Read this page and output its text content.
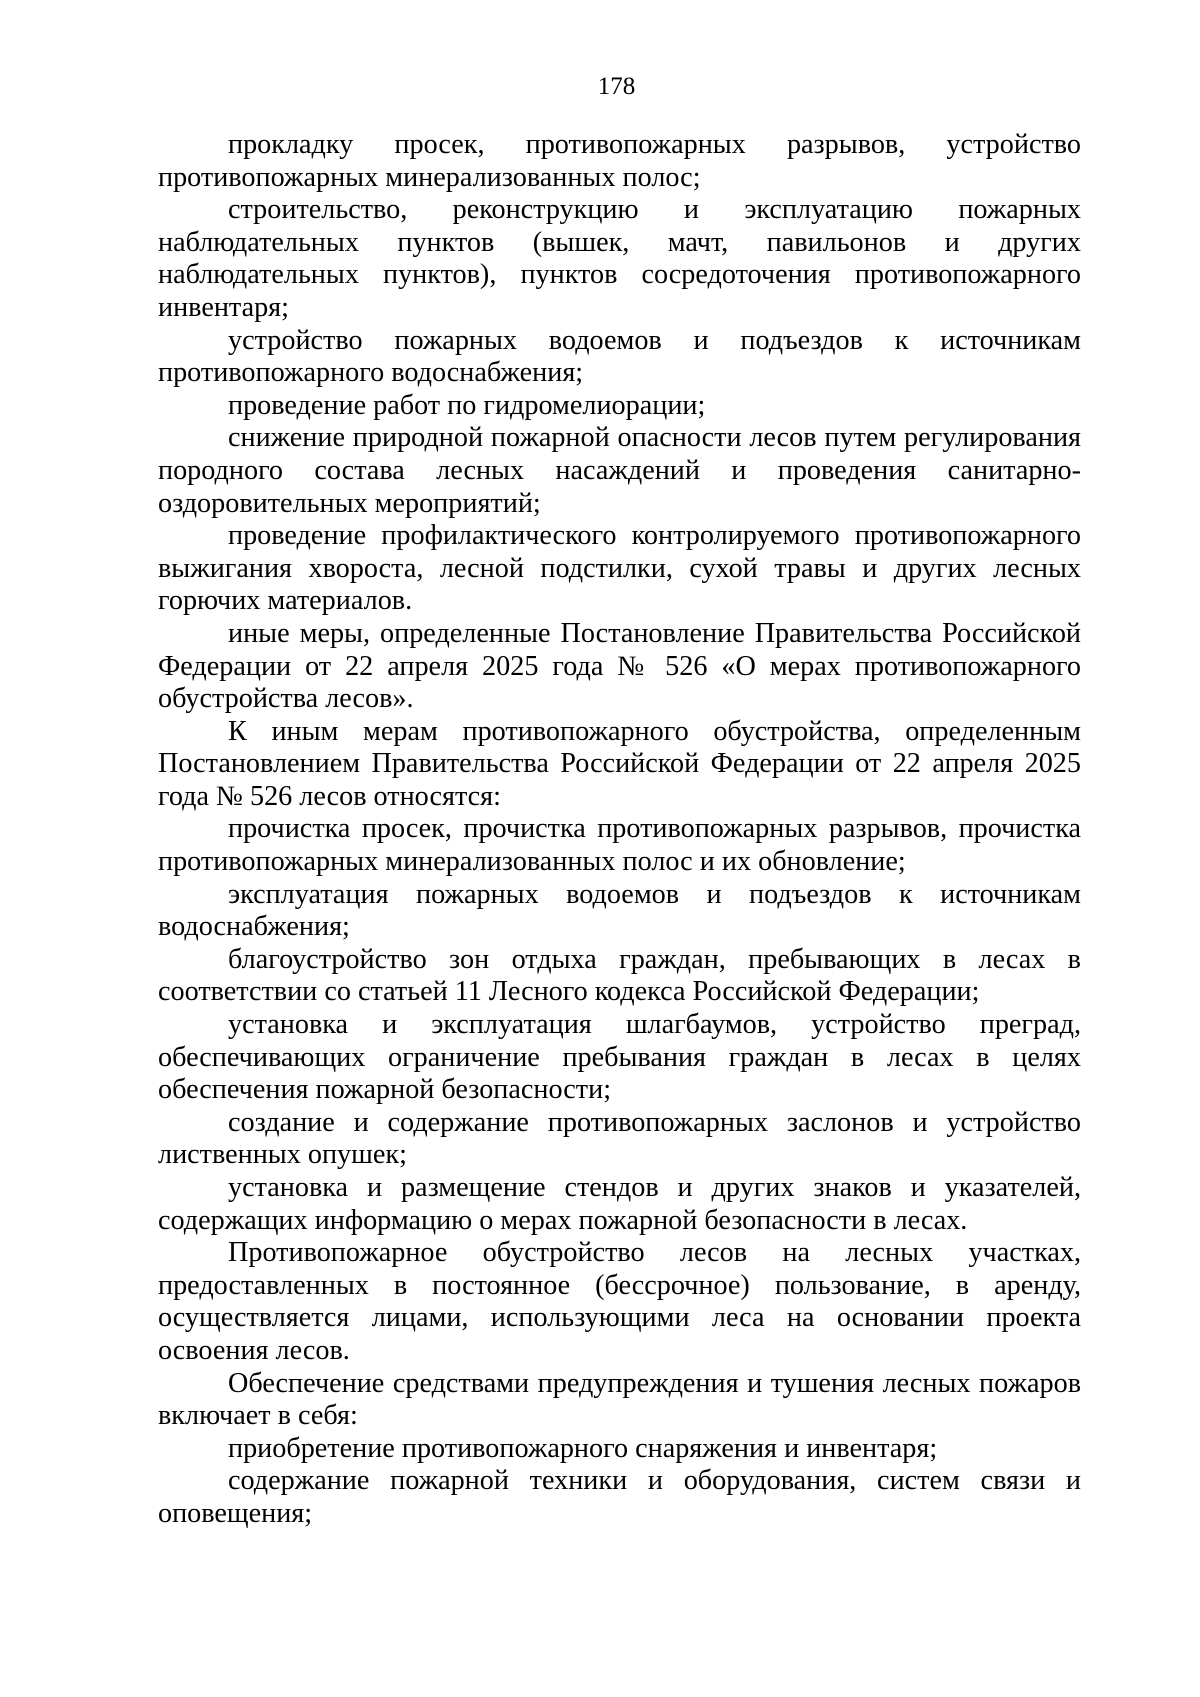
178

прокладку просек, противопожарных разрывов, устройство противопожарных минерализованных полос;

строительство, реконструкцию и эксплуатацию пожарных наблюдательных пунктов (вышек, мачт, павильонов и других наблюдательных пунктов), пунктов сосредоточения противопожарного инвентаря;

устройство пожарных водоемов и подъездов к источникам противопожарного водоснабжения;

проведение работ по гидромелиорации;

снижение природной пожарной опасности лесов путем регулирования породного состава лесных насаждений и проведения санитарно-оздоровительных мероприятий;

проведение профилактического контролируемого противопожарного выжигания хвороста, лесной подстилки, сухой травы и других лесных горючих материалов.

иные меры, определенные Постановление Правительства Российской Федерации от 22 апреля 2025 года № 526 «О мерах противопожарного обустройства лесов».

К иным мерам противопожарного обустройства, определенным Постановлением Правительства Российской Федерации от 22 апреля 2025 года № 526 лесов относятся:

прочистка просек, прочистка противопожарных разрывов, прочистка противопожарных минерализованных полос и их обновление;

эксплуатация пожарных водоемов и подъездов к источникам водоснабжения;

благоустройство зон отдыха граждан, пребывающих в лесах в соответствии со статьей 11 Лесного кодекса Российской Федерации;

установка и эксплуатация шлагбаумов, устройство преград, обеспечивающих ограничение пребывания граждан в лесах в целях обеспечения пожарной безопасности;

создание и содержание противопожарных заслонов и устройство лиственных опушек;

установка и размещение стендов и других знаков и указателей, содержащих информацию о мерах пожарной безопасности в лесах.

Противопожарное обустройство лесов на лесных участках, предоставленных в постоянное (бессрочное) пользование, в аренду, осуществляется лицами, использующими леса на основании проекта освоения лесов.

Обеспечение средствами предупреждения и тушения лесных пожаров включает в себя:

приобретение противопожарного снаряжения и инвентаря;

содержание пожарной техники и оборудования, систем связи и оповещения;
